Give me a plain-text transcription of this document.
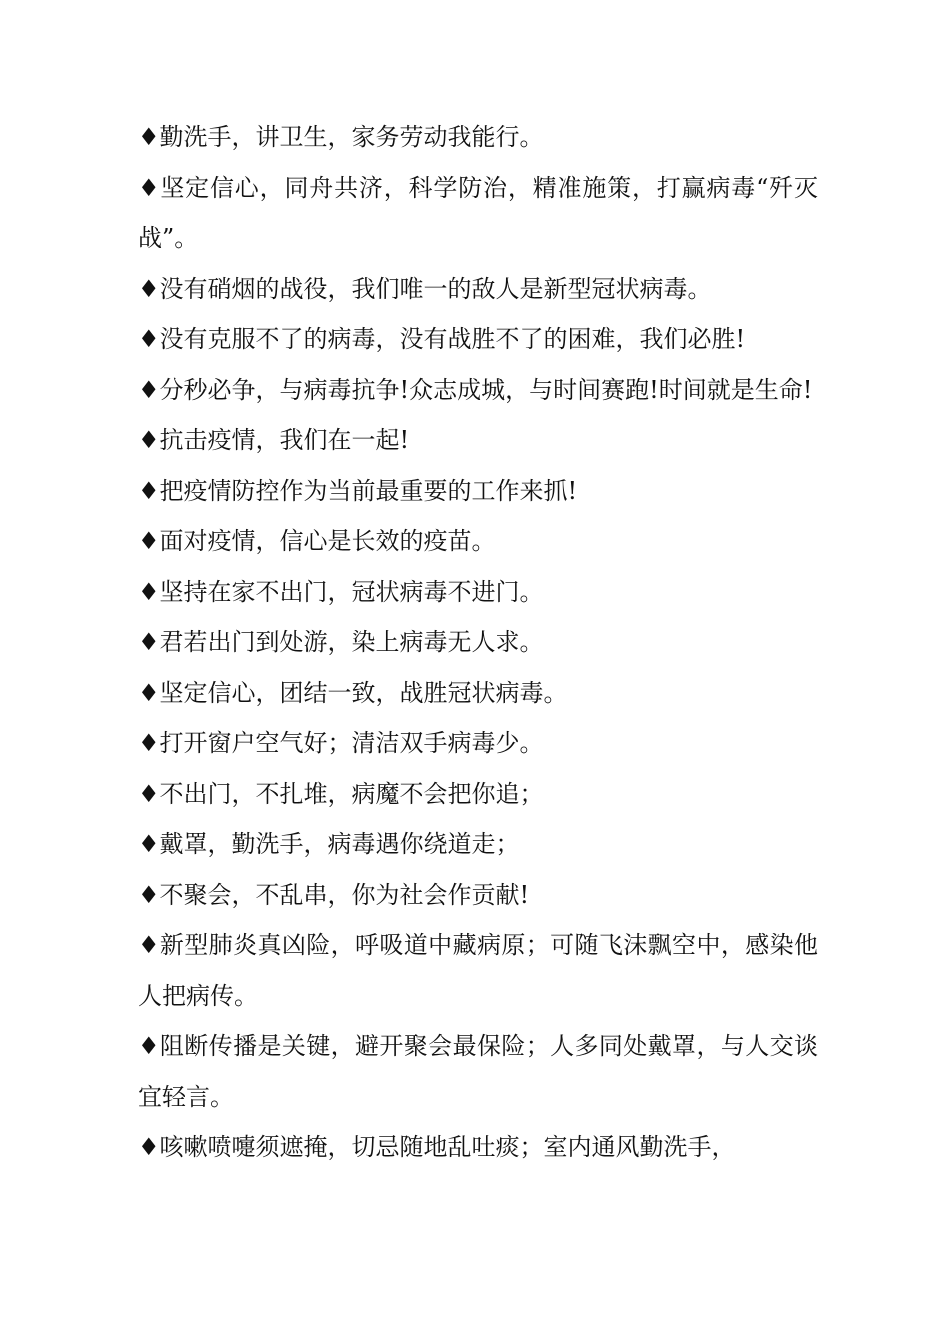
♦勤洗手，讲卫生，家务劳动我能行。

♦坚定信心，同舟共济，科学防治，精准施策，打赢病毒“歼灭战”。

♦没有硝烟的战役，我们唯一的敌人是新型冠状病毒。

♦没有克服不了的病毒，没有战胜不了的困难，我们必胜!

♦分秒必争，与病毒抗争!众志成城，与时间赛跑!时间就是生命!

♦抗击疫情，我们在一起!

♦把疫情防控作为当前最重要的工作来抓!

♦面对疫情，信心是长效的疫苗。

♦坚持在家不出门，冠状病毒不进门。

♦君若出门到处游，染上病毒无人求。

♦坚定信心，团结一致，战胜冠状病毒。

♦打开窗户空气好；清洁双手病毒少。

♦不出门，不扎堆，病魔不会把你追；

♦戴罩，勤洗手，病毒遇你绕道走；

♦不聚会，不乱串，你为社会作贡献!

♦新型肺炎真凶险，呼吸道中藏病原；可随飞沫飘空中，感染他人把病传。

♦阻断传播是关键，避开聚会最保险；人多同处戴罩，与人交谈宜轻言。

♦咳嗽喷嚏须遮掩，切忌随地乱吐痰；室内通风勤洗手，
